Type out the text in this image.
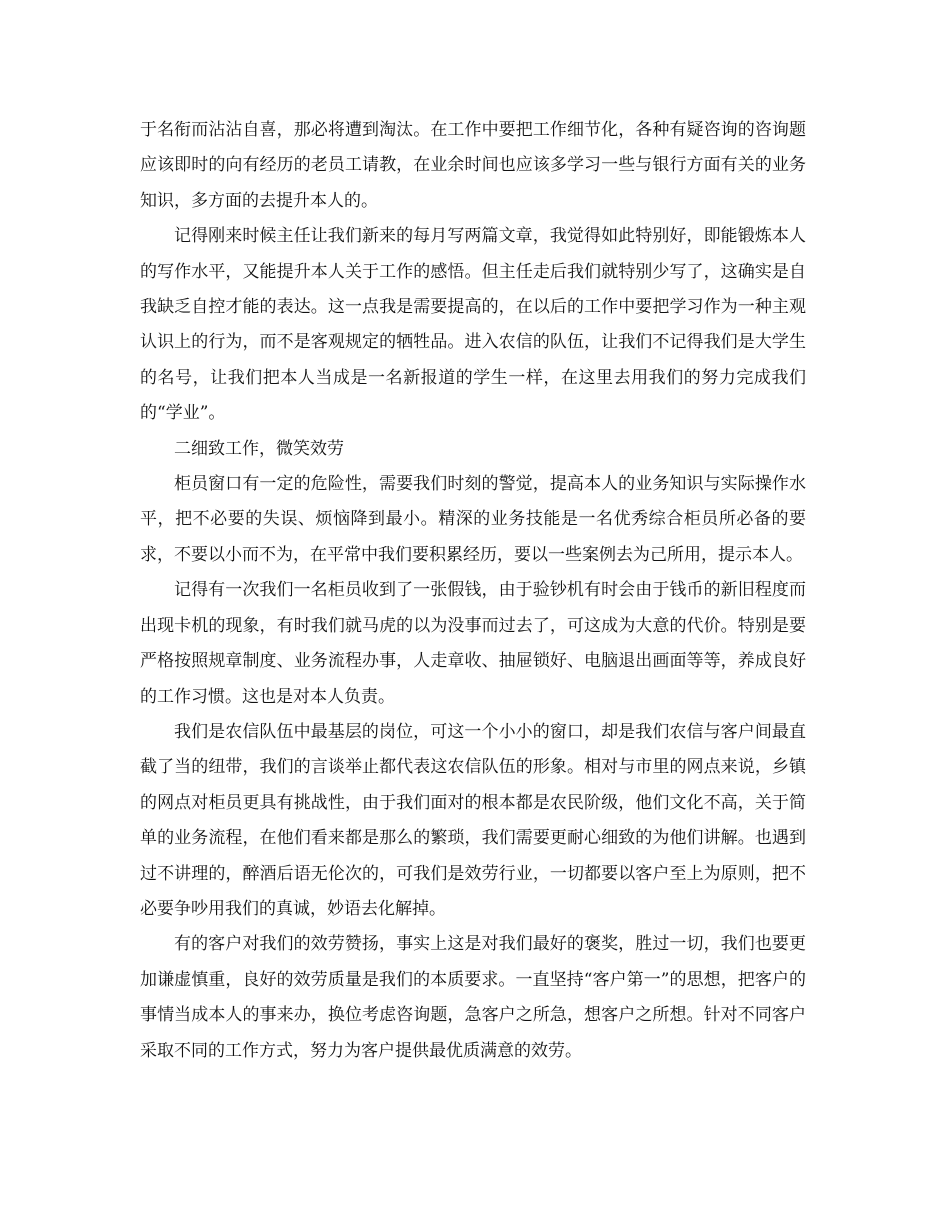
于名衔而沾沾自喜，那必将遭到淘汰。在工作中要把工作细节化，各种有疑咨询的咨询题应该即时的向有经历的老员工请教，在业余时间也应该多学习一些与银行方面有关的业务知识，多方面的去提升本人的。

记得刚来时候主任让我们新来的每月写两篇文章，我觉得如此特别好，即能锻炼本人的写作水平，又能提升本人关于工作的感悟。但主任走后我们就特别少写了，这确实是自我缺乏自控才能的表达。这一点我是需要提高的，在以后的工作中要把学习作为一种主观认识上的行为，而不是客观规定的牺牲品。进入农信的队伍，让我们不记得我们是大学生的名号，让我们把本人当成是一名新报道的学生一样，在这里去用我们的努力完成我们的“学业”。

二细致工作，微笑效劳

柜员窗口有一定的危险性，需要我们时刻的警觉，提高本人的业务知识与实际操作水平，把不必要的失误、烦恼降到最小。精深的业务技能是一名优秀综合柜员所必备的要求，不要以小而不为，在平常中我们要积累经历，要以一些案例去为己所用，提示本人。

记得有一次我们一名柜员收到了一张假钱，由于验钞机有时会由于钱币的新旧程度而出现卡机的现象，有时我们就马虎的以为没事而过去了，可这成为大意的代价。特别是要严格按照规章制度、业务流程办事，人走章收、抽屉锁好、电脑退出画面等等，养成良好的工作习惯。这也是对本人负责。

我们是农信队伍中最基层的岗位，可这一个小小的窗口，却是我们农信与客户间最直截了当的纽带，我们的言谈举止都代表这农信队伍的形象。相对与市里的网点来说，乡镇的网点对柜员更具有挑战性，由于我们面对的根本都是农民阶级，他们文化不高，关于简单的业务流程，在他们看来都是那么的繁琐，我们需要更耐心细致的为他们讲解。也遇到过不讲理的，醉酒后语无伦次的，可我们是效劳行业，一切都要以客户至上为原则，把不必要争吵用我们的真诚，妙语去化解掉。

有的客户对我们的效劳赞扬，事实上这是对我们最好的褒奖，胜过一切，我们也要更加谦虚慎重，良好的效劳质量是我们的本质要求。一直坚持“客户第一”的思想，把客户的事情当成本人的事来办，换位考虑咨询题，急客户之所急，想客户之所想。针对不同客户采取不同的工作方式，努力为客户提供最优质满意的效劳。
